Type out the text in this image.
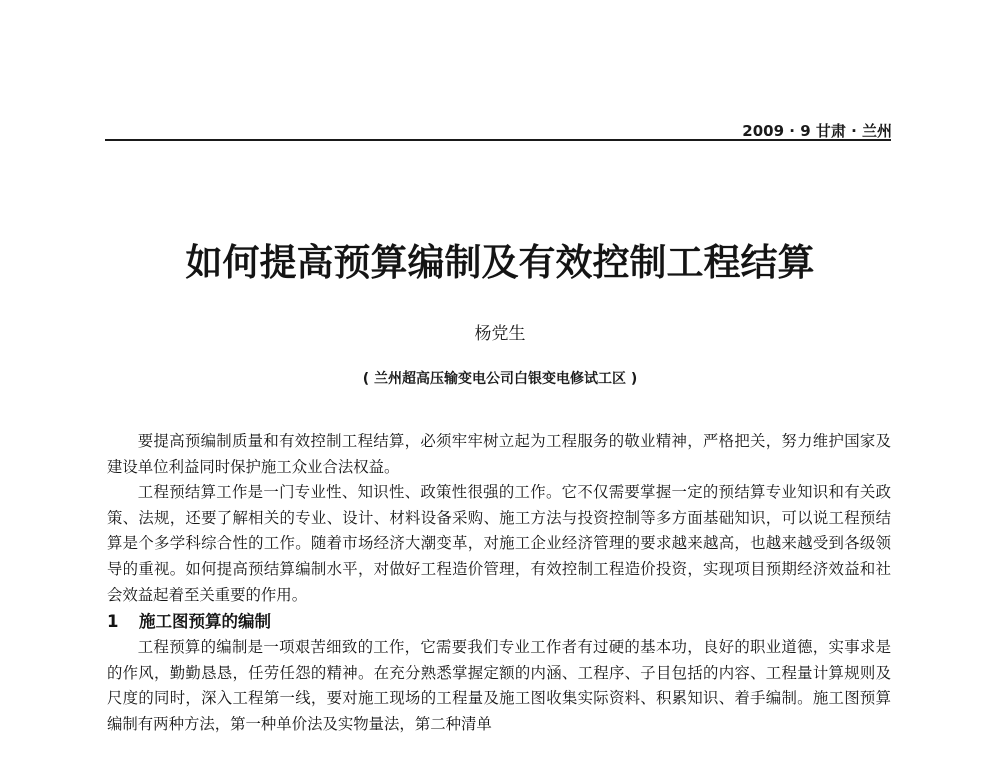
2009 · 9 甘肃 · 兰州
如何提高预算编制及有效控制工程结算
杨党生
( 兰州超高压输变电公司白银变电修试工区 )

要提高预编制质量和有效控制工程结算，必须牢牢树立起为工程服务的敬业精神，严格把关，努力维护国家及建设单位利益同时保护施工众业合法权益。

工程预结算工作是一门专业性、知识性、政策性很强的工作。它不仅需要掌握一定的预结算专业知识和有关政策、法规，还要了解相关的专业、设计、材料设备采购、施工方法与投资控制等多方面基础知识，可以说工程预结算是个多学科综合性的工作。随着市场经济大潮变革，对施工企业经济管理的要求越来越高，也越来越受到各级领导的重视。如何提高预结算编制水平，对做好工程造价管理，有效控制工程造价投资，实现项目预期经济效益和社会效益起着至关重要的作用。

1 施工图预算的编制

工程预算的编制是一项艰苦细致的工作，它需要我们专业工作者有过硬的基本功，良好的职业道德，实事求是的作风，勤勤恳恳，任劳任怨的精神。在充分熟悉掌握定额的内涵、工程序、子目包括的内容、工程量计算规则及尺度的同时，深入工程第一线，要对施工现场的工程量及施工图收集实际资料、积累知识、着手编制。施工图预算编制有两种方法，第一种单价法及实物量法，第二种清单
